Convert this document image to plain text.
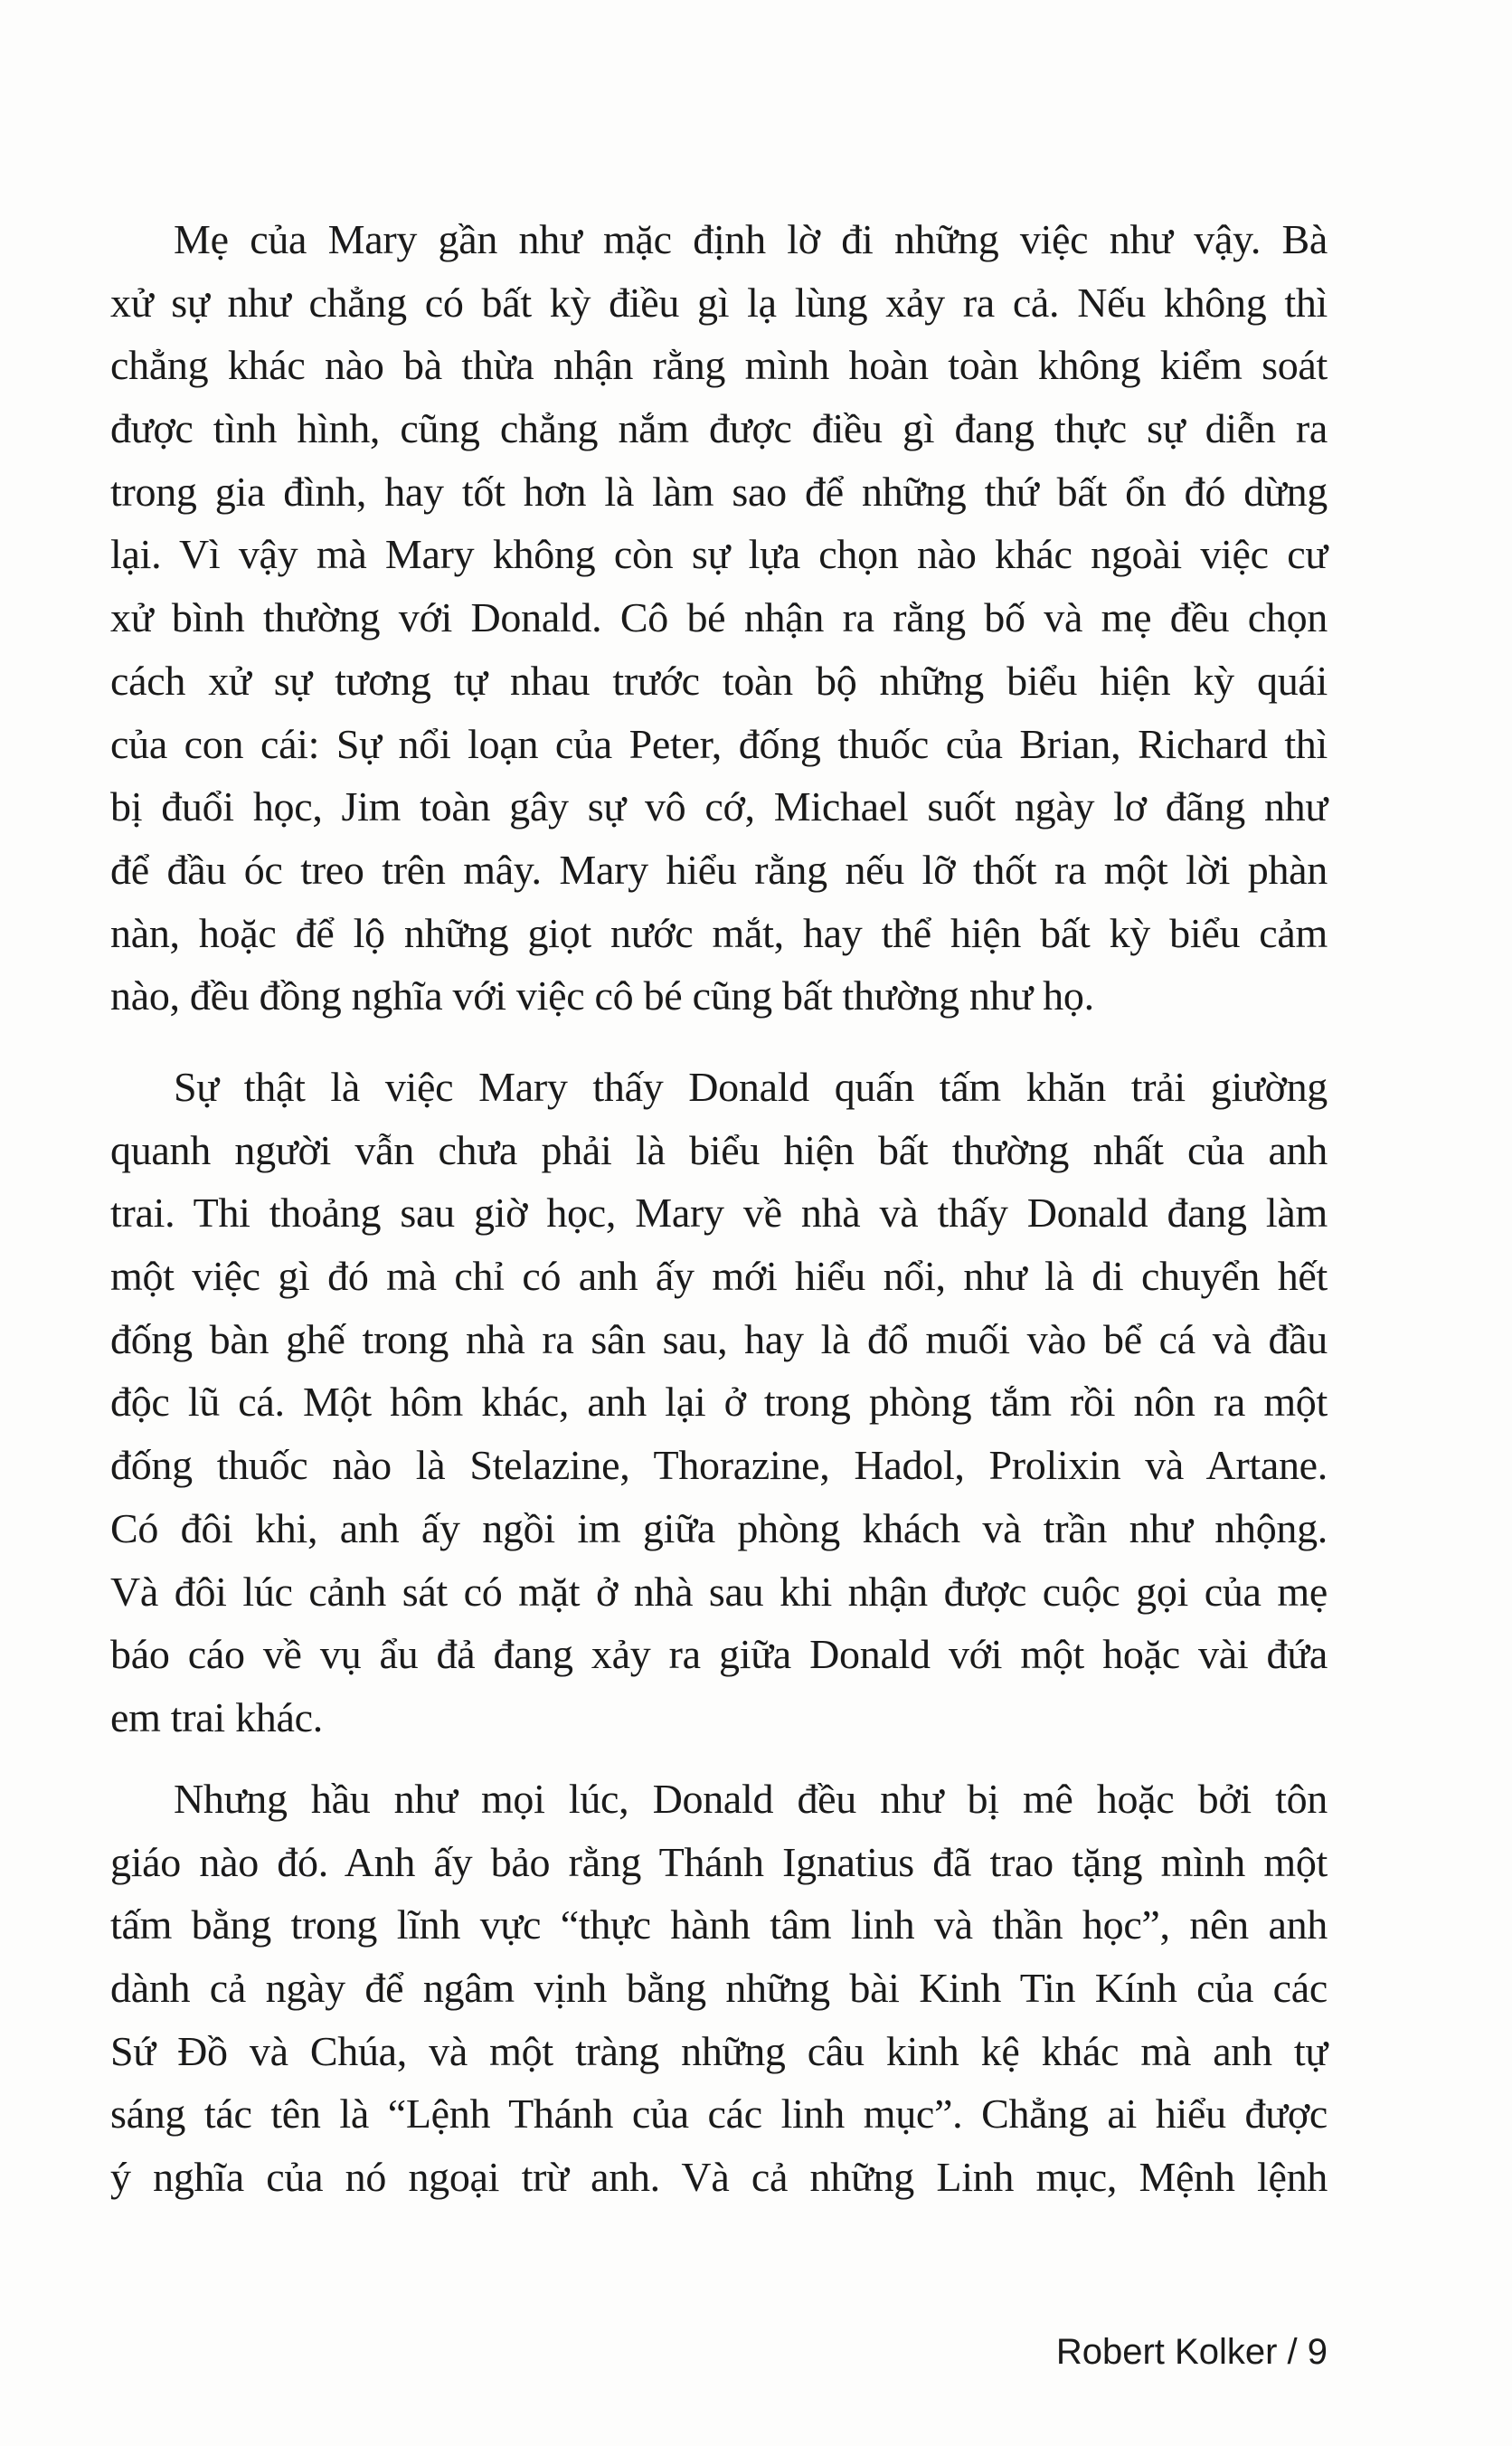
Mẹ của Mary gần như mặc định lờ đi những việc như vậy. Bà
xử sự như chẳng có bất kỳ điều gì lạ lùng xảy ra cả. Nếu không thì
chẳng khác nào bà thừa nhận rằng mình hoàn toàn không kiểm soát
được tình hình, cũng chẳng nắm được điều gì đang thực sự diễn ra
trong gia đình, hay tốt hơn là làm sao để những thứ bất ổn đó dừng
lại. Vì vậy mà Mary không còn sự lựa chọn nào khác ngoài việc cư
xử bình thường với Donald. Cô bé nhận ra rằng bố và mẹ đều chọn
cách xử sự tương tự nhau trước toàn bộ những biểu hiện kỳ quái
của con cái: Sự nổi loạn của Peter, đống thuốc của Brian, Richard thì
bị đuổi học, Jim toàn gây sự vô cớ, Michael suốt ngày lơ đãng như
để đầu óc treo trên mây. Mary hiểu rằng nếu lỡ thốt ra một lời phàn
nàn, hoặc để lộ những giọt nước mắt, hay thể hiện bất kỳ biểu cảm
nào, đều đồng nghĩa với việc cô bé cũng bất thường như họ.
Sự thật là việc Mary thấy Donald quấn tấm khăn trải giường
quanh người vẫn chưa phải là biểu hiện bất thường nhất của anh
trai. Thi thoảng sau giờ học, Mary về nhà và thấy Donald đang làm
một việc gì đó mà chỉ có anh ấy mới hiểu nổi, như là di chuyển hết
đống bàn ghế trong nhà ra sân sau, hay là đổ muối vào bể cá và đầu
độc lũ cá. Một hôm khác, anh lại ở trong phòng tắm rồi nôn ra một
đống thuốc nào là Stelazine, Thorazine, Hadol, Prolixin và Artane.
Có đôi khi, anh ấy ngồi im giữa phòng khách và trần như nhộng.
Và đôi lúc cảnh sát có mặt ở nhà sau khi nhận được cuộc gọi của mẹ
báo cáo về vụ ẩu đả đang xảy ra giữa Donald với một hoặc vài đứa
em trai khác.
Nhưng hầu như mọi lúc, Donald đều như bị mê hoặc bởi tôn
giáo nào đó. Anh ấy bảo rằng Thánh Ignatius đã trao tặng mình một
tấm bằng trong lĩnh vực “thực hành tâm linh và thần học”, nên anh
dành cả ngày để ngâm vịnh bằng những bài Kinh Tin Kính của các
Sứ Đồ và Chúa, và một tràng những câu kinh kệ khác mà anh tự
sáng tác tên là “Lệnh Thánh của các linh mục”. Chẳng ai hiểu được
ý nghĩa của nó ngoại trừ anh. Và cả những Linh mục, Mệnh lệnh
Robert Kolker / 9
